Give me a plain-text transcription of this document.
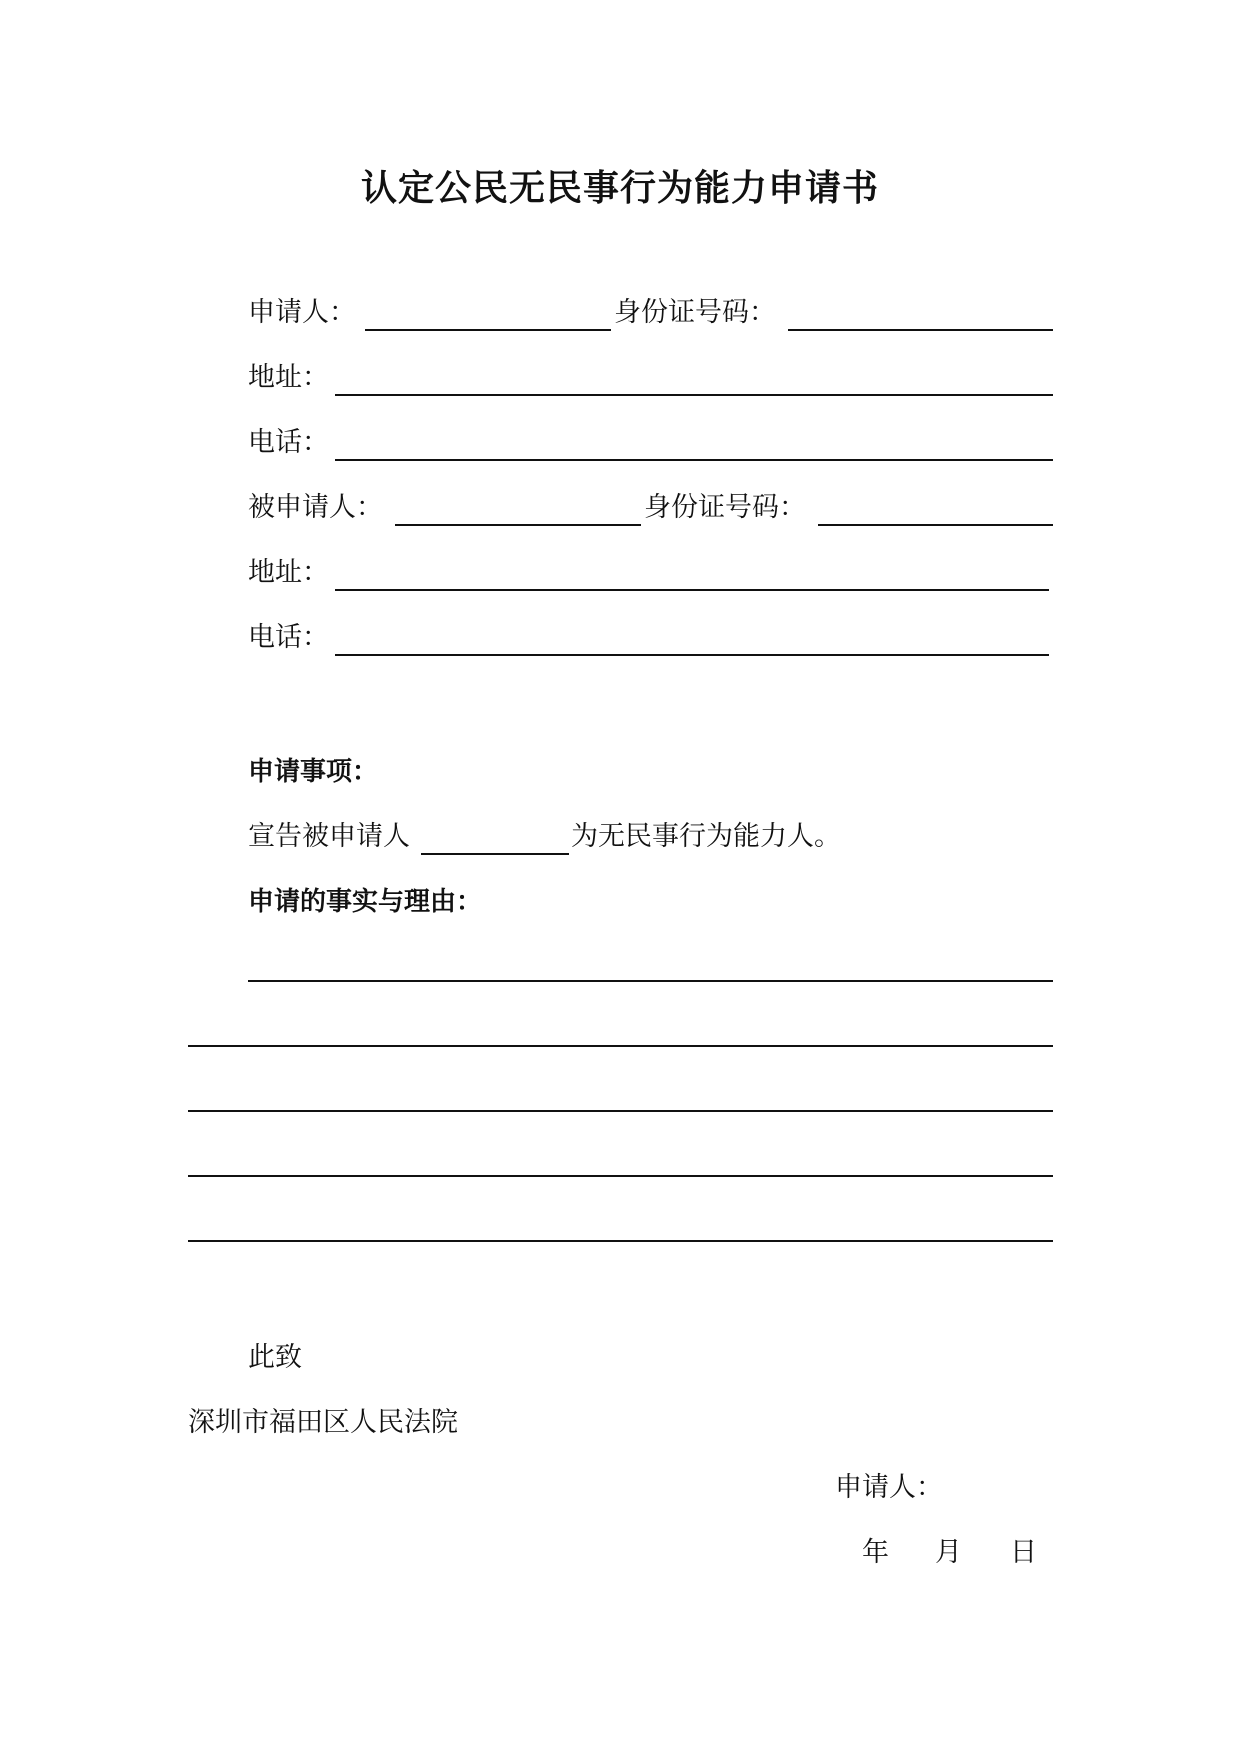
认定公民无民事行为能力申请书
申请人：	身份证号码：
地址：
电话：
被申请人：	身份证号码：
地址：
电话：
申请事项：
宣告被申请人	为无民事行为能力人。
申请的事实与理由：
此致
深圳市福田区人民法院
申请人：
年 月 日
